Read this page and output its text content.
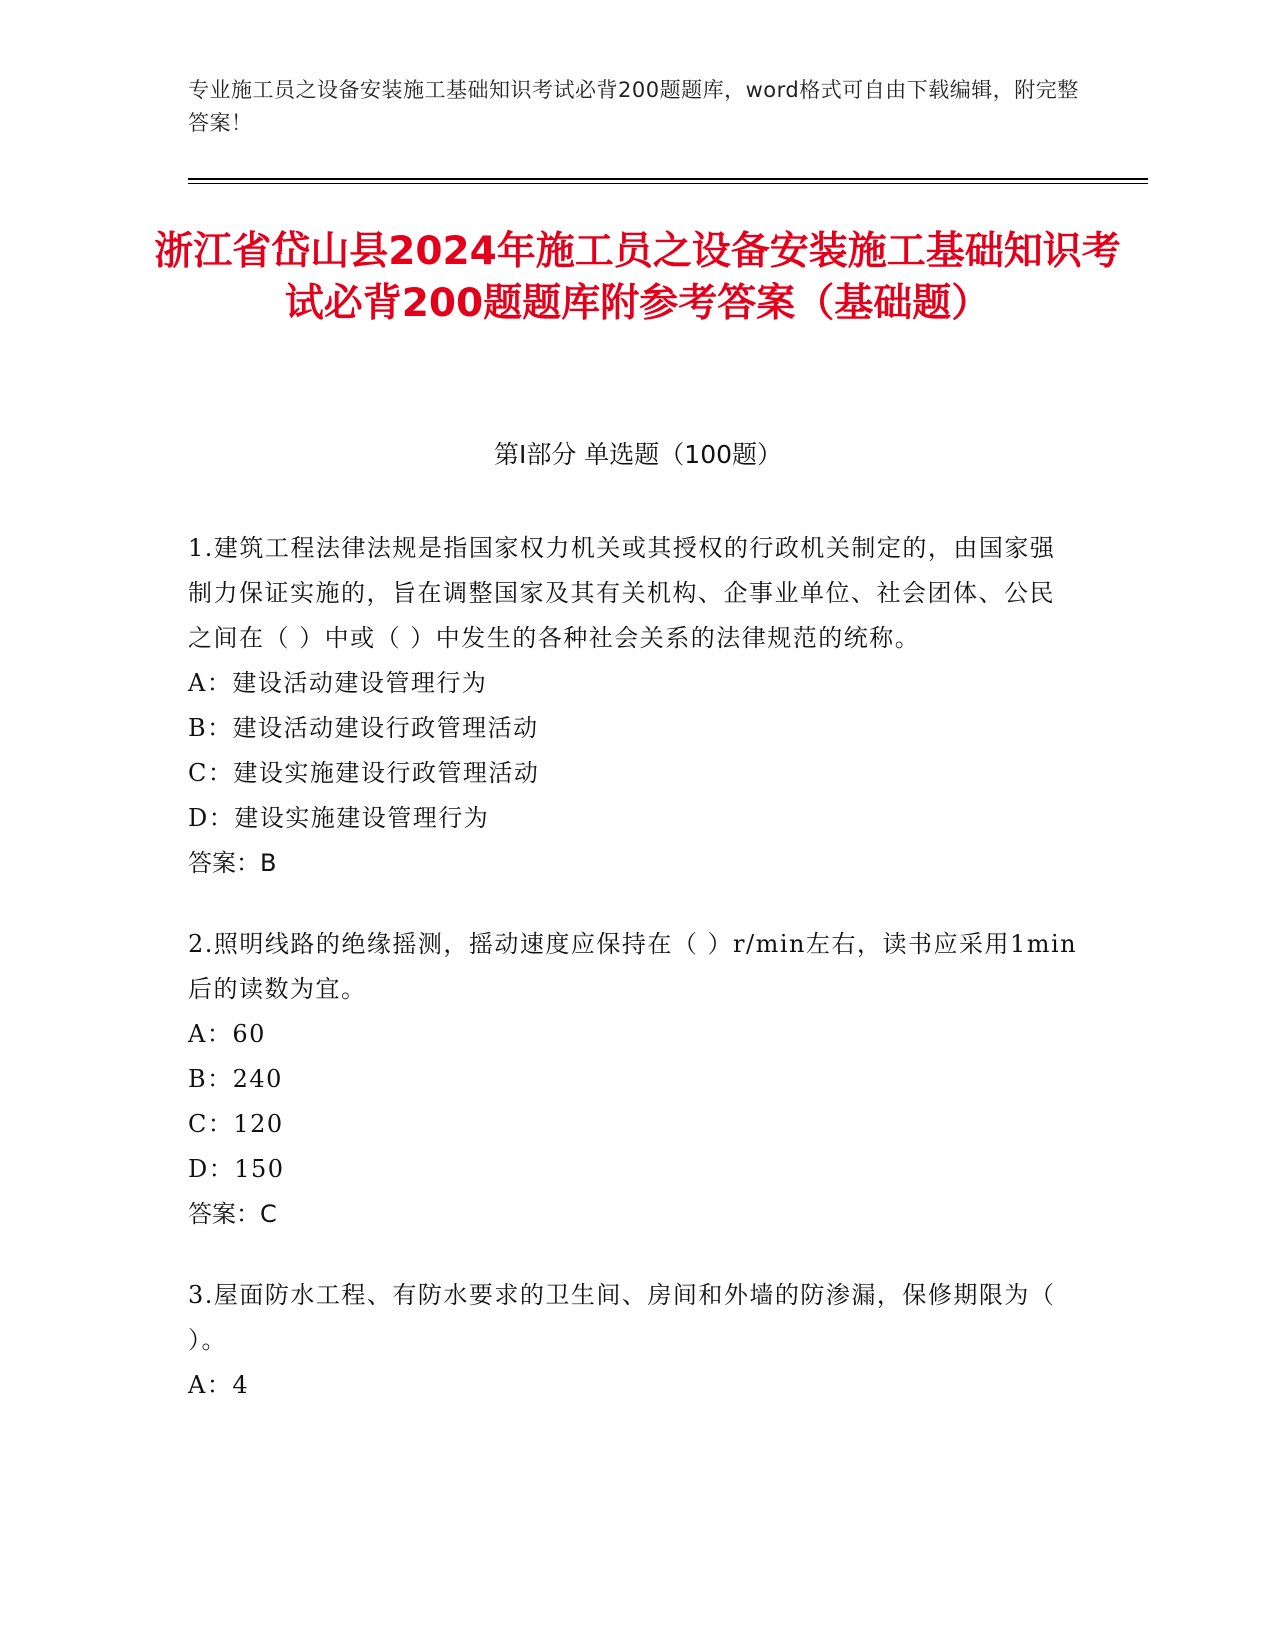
专业施工员之设备安装施工基础知识考试必背200题题库，word格式可自由下载编辑，附完整答案！
浙江省岱山县2024年施工员之设备安装施工基础知识考试必背200题题库附参考答案（基础题）
第Ⅰ部分 单选题（100题）
1.建筑工程法律法规是指国家权力机关或其授权的行政机关制定的，由国家强制力保证实施的，旨在调整国家及其有关机构、企事业单位、社会团体、公民之间在（ ）中或（ ）中发生的各种社会关系的法律规范的统称。
A：建设活动建设管理行为
B：建设活动建设行政管理活动
C：建设实施建设行政管理活动
D：建设实施建设管理行为
答案：B
2.照明线路的绝缘摇测，摇动速度应保持在（ ）r/min左右，读书应采用1min后的读数为宜。
A：60
B：240
C：120
D：150
答案：C
3.屋面防水工程、有防水要求的卫生间、房间和外墙的防渗漏，保修期限为（ ）。
A：4
